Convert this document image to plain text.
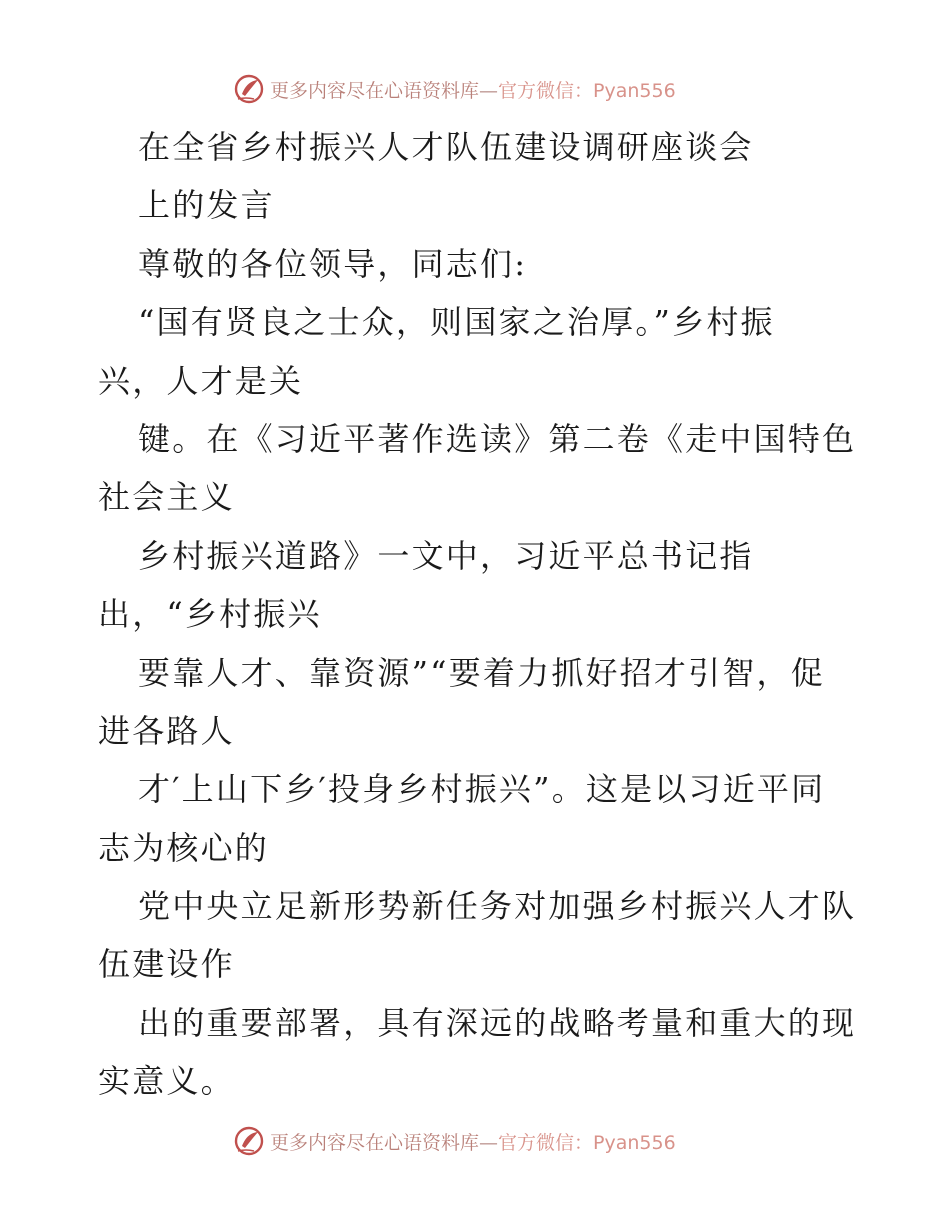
更多内容尽在心语资料库—官方微信：Pyan556
在全省乡村振兴人才队伍建设调研座谈会
上的发言
尊敬的各位领导，同志们:
“国有贤良之士众，则国家之治厚。”乡村振
兴，人才是关
键。在《习近平著作选读》第二卷《走中国特色
社会主义
乡村振兴道路》一文中，习近平总书记指
出，“乡村振兴
要靠人才、靠资源”“要着力抓好招才引智，促
进各路人
才′上山下乡′投身乡村振兴”。这是以习近平同
志为核心的
党中央立足新形势新任务对加强乡村振兴人才队
伍建设作
出的重要部署，具有深远的战略考量和重大的现
实意义。
更多内容尽在心语资料库—官方微信：Pyan556
